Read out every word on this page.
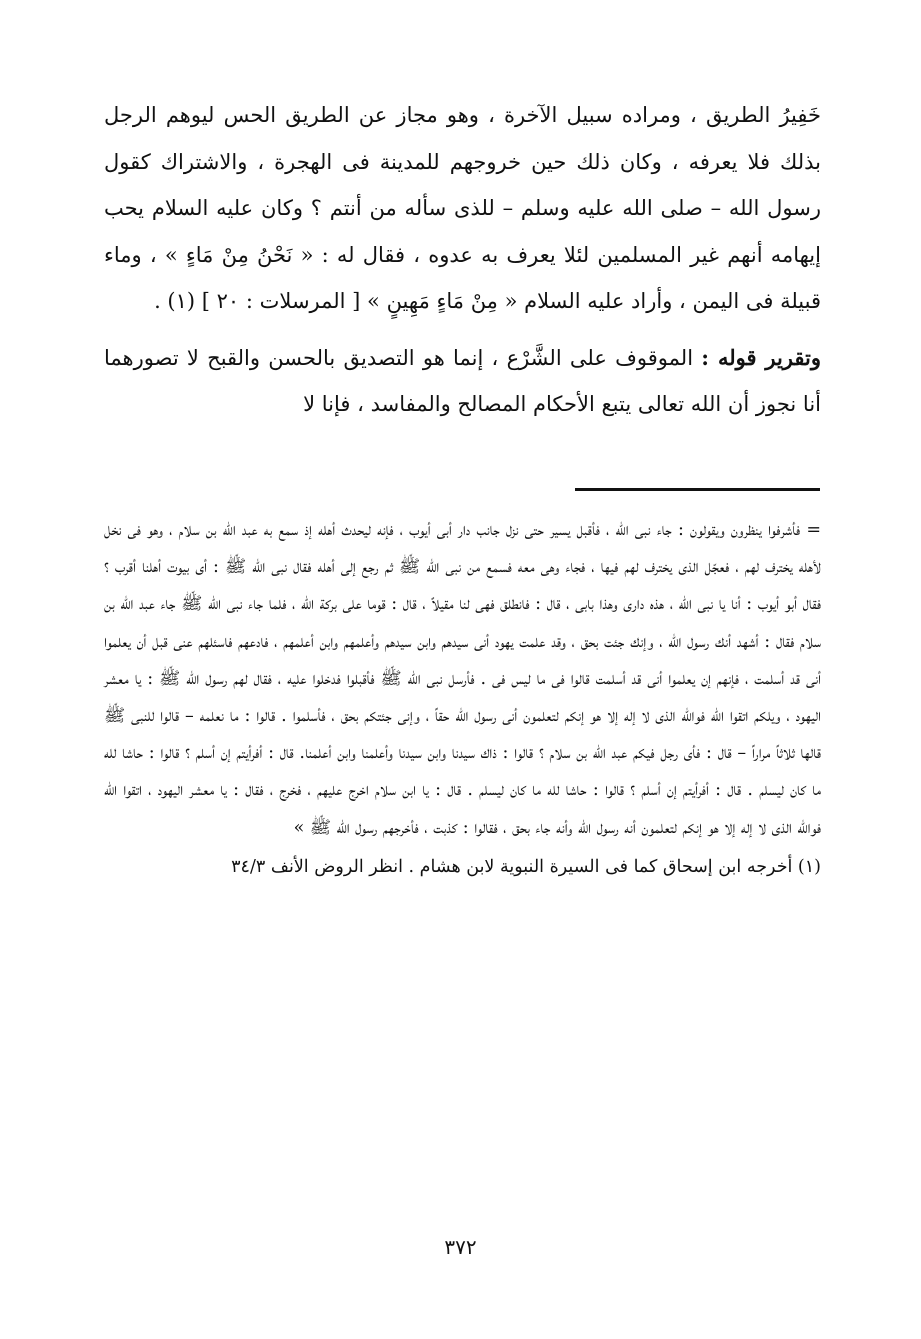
خَفِيرُ الطريق ، ومراده سبيل الآخرة ، وهو مجاز عن الطريق الحس ليوهم الرجل بذلك فلا يعرفه ، وكان ذلك حين خروجهم للمدينة فى الهجرة ، والاشتراك كقول رسول الله – صلى الله عليه وسلم – للذى سأله من أنتم ؟ وكان عليه السلام يحب إيهامه أنهم غير المسلمين لئلا يعرف به عدوه ، فقال له : « نَحْنُ مِنْ مَاءٍ » ، وماء قبيلة فى اليمن ، وأراد عليه السلام « مِنْ مَاءٍ مَهِينٍ » [ المرسلات : ٢٠ ] (١) .

وتقرير قوله : الموقوف على الشَّرْع ، إنما هو التصديق بالحسن والقبح لا تصورهما أنا نجوز أن الله تعالى يتبع الأحكام المصالح والمفاسد ، فإنا لا

= فأشرفوا ينظرون ويقولون : جاء نبى الله ، فأقبل يسير حتى نزل جانب دار أبى أيوب ، فإنه ليحدث أهله إذ سمع به عبد الله بن سلام ، وهو فى نخل لأهله يخترف لهم ، فعجّل الذى يخترف لهم فيها ، فجاء وهى معه فسمع من نبى الله ﷺ ثم رجع إلى أهله فقال نبى الله ﷺ : أى بيوت أهلنا أقرب ؟ فقال أبو أيوب : أنا يا نبى الله ، هذه دارى وهذا بابى ، قال : فانطلق فهى لنا مقيلاً ، قال : قوما على بركة الله ، فلما جاء نبى الله ﷺ جاء عبد الله بن سلام فقال : أشهد أنك رسول الله ، وإنك جئت بحق ، وقد علمت يهود أنى سيدهم وابن سيدهم وأعلمهم وابن أعلمهم ، فادعهم فاسئلهم عنى قبل أن يعلموا أنى قد أسلمت ، فإنهم إن يعلموا أنى قد أسلمت قالوا فى ما ليس فى . فأرسل نبى الله ﷺ فأقبلوا فدخلوا عليه ، فقال لهم رسول الله ﷺ : يا معشر اليهود ، ويلكم اتقوا الله فوالله الذى لا إله إلا هو إنكم لتعلمون أنى رسول الله حقاً ، وإنى جئتكم بحق ، فأسلموا . قالوا : ما نعلمه – قالوا للنبى ﷺ قالها ثلاثاً مراراً – قال : فأى رجل فيكم عبد الله بن سلام ؟ قالوا : ذاك سيدنا وابن سيدنا وأعلمنا وابن أعلمنا. قال : أفرأيتم إن أسلم ؟ قالوا : حاشا لله ما كان ليسلم . قال : أفرأيتم إن أسلم ؟ قالوا : حاشا لله ما كان ليسلم . قال : يا ابن سلام اخرج عليهم ، فخرج ، فقال : يا معشر اليهود ، اتقوا الله فوالله الذى لا إله إلا هو إنكم لتعلمون أنه رسول الله وأنه جاء بحق ، فقالوا : كذبت ، فأخرجهم رسول الله ﷺ »

(١) أخرجه ابن إسحاق كما فى السيرة النبوية لابن هشام . انظر الروض الأنف ٣٤/٣

٣٧٢
